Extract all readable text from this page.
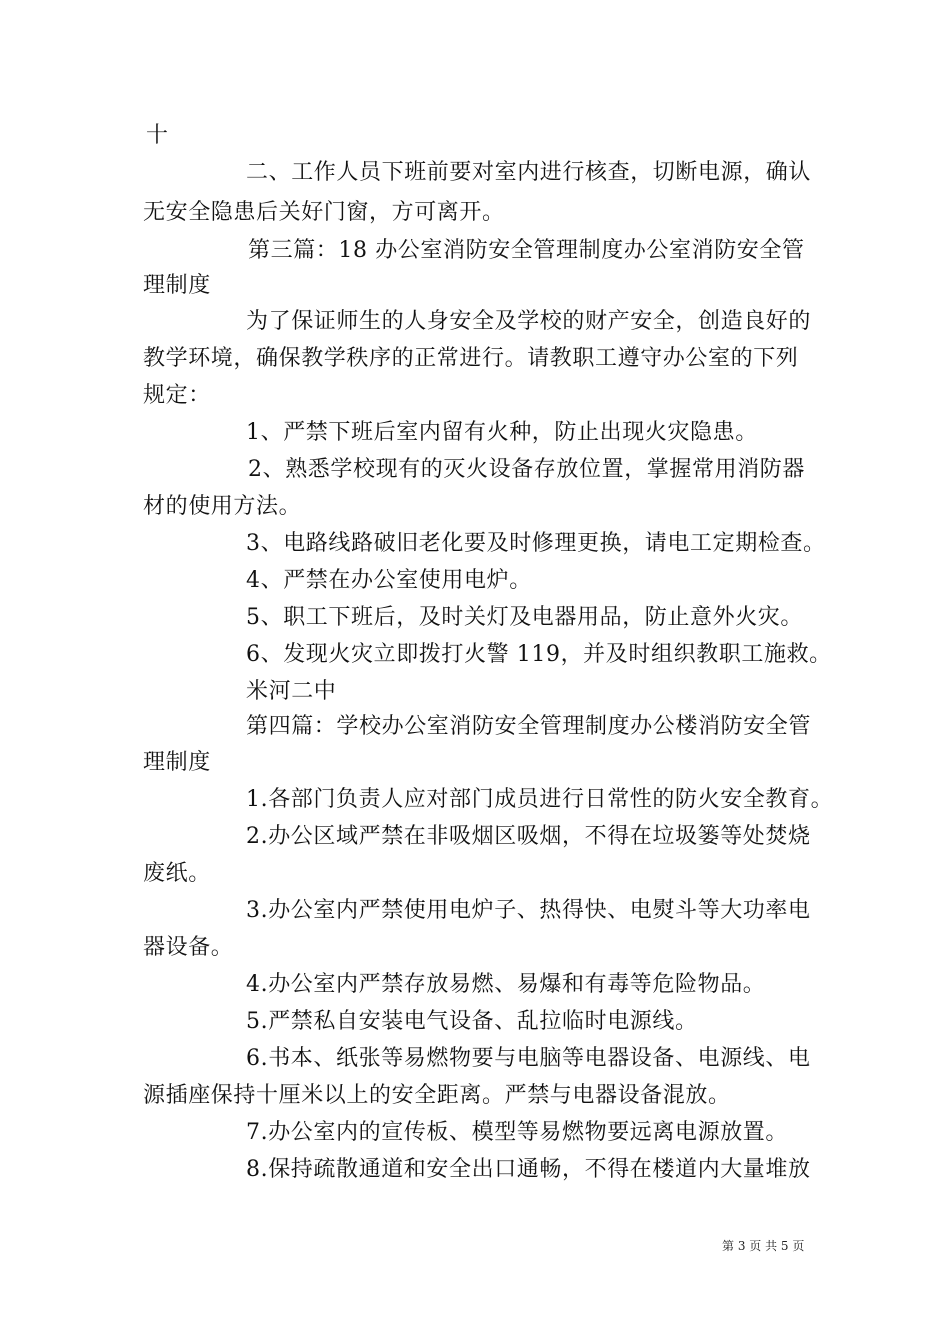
十
二、工作人员下班前要对室内进行核查，切断电源，确认
无安全隐患后关好门窗，方可离开。
第三篇：18 办公室消防安全管理制度办公室消防安全管
理制度
为了保证师生的人身安全及学校的财产安全，创造良好的
教学环境，确保教学秩序的正常进行。请教职工遵守办公室的下列
规定：
1、严禁下班后室内留有火种，防止出现火灾隐患。
2、熟悉学校现有的灭火设备存放位置，掌握常用消防器
材的使用方法。
3、电路线路破旧老化要及时修理更换，请电工定期检查。
4、严禁在办公室使用电炉。
5、职工下班后，及时关灯及电器用品，防止意外火灾。
6、发现火灾立即拨打火警 119，并及时组织教职工施救。
米河二中
第四篇：学校办公室消防安全管理制度办公楼消防安全管
理制度
1.各部门负责人应对部门成员进行日常性的防火安全教育。
2.办公区域严禁在非吸烟区吸烟，不得在垃圾篓等处焚烧
废纸。
3.办公室内严禁使用电炉子、热得快、电熨斗等大功率电
器设备。
4.办公室内严禁存放易燃、易爆和有毒等危险物品。
5.严禁私自安装电气设备、乱拉临时电源线。
6.书本、纸张等易燃物要与电脑等电器设备、电源线、电
源插座保持十厘米以上的安全距离。严禁与电器设备混放。
7.办公室内的宣传板、模型等易燃物要远离电源放置。
8.保持疏散通道和安全出口通畅，不得在楼道内大量堆放
第 3 页 共 5 页
